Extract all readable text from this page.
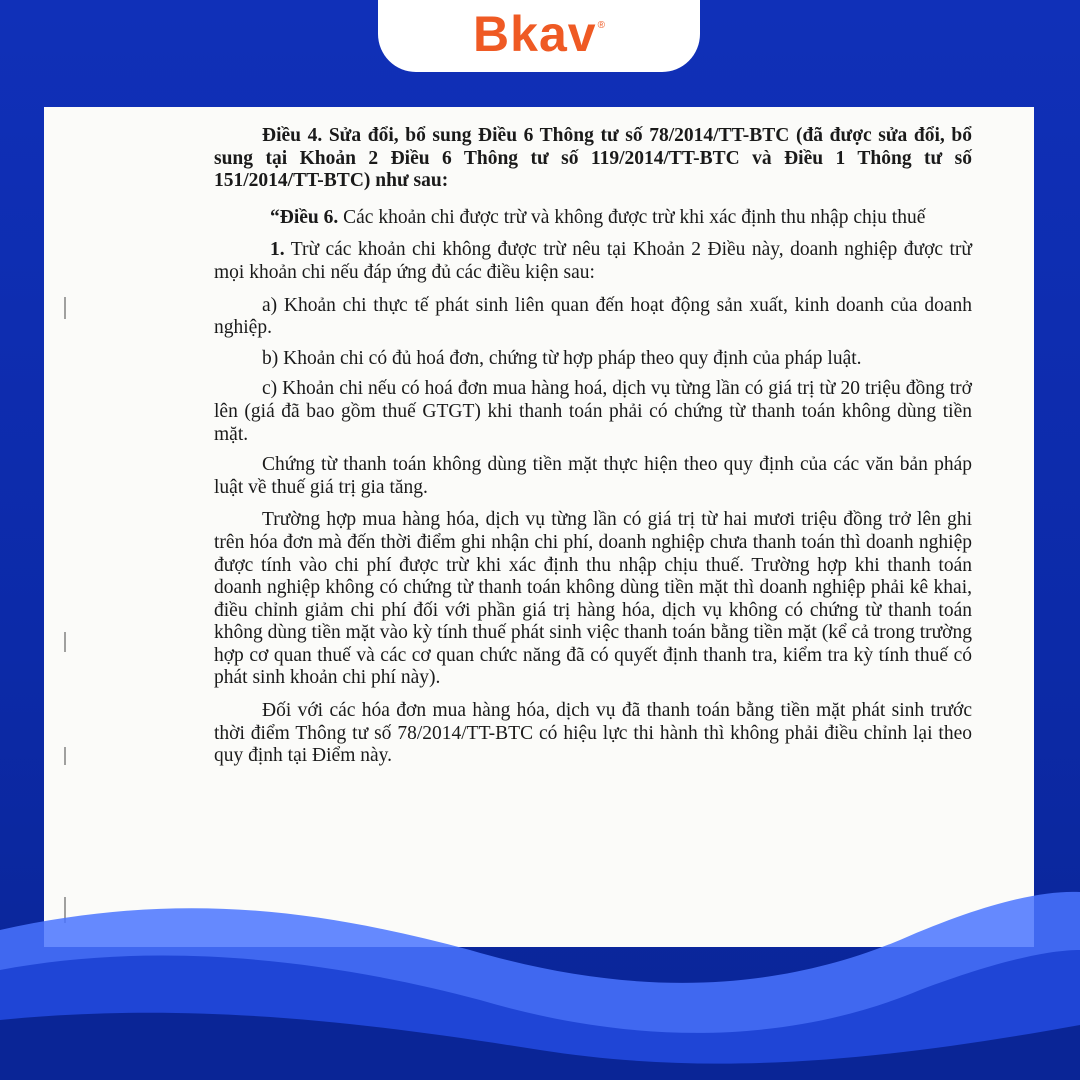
Bkav ®

Điều 4. Sửa đổi, bổ sung Điều 6 Thông tư số 78/2014/TT-BTC (đã được sửa đổi, bổ sung tại Khoản 2 Điều 6 Thông tư số 119/2014/TT-BTC và Điều 1 Thông tư số 151/2014/TT-BTC) như sau:

“Điều 6. Các khoản chi được trừ và không được trừ khi xác định thu nhập chịu thuế

1. Trừ các khoản chi không được trừ nêu tại Khoản 2 Điều này, doanh nghiệp được trừ mọi khoản chi nếu đáp ứng đủ các điều kiện sau:

a) Khoản chi thực tế phát sinh liên quan đến hoạt động sản xuất, kinh doanh của doanh nghiệp.

b) Khoản chi có đủ hoá đơn, chứng từ hợp pháp theo quy định của pháp luật.

c) Khoản chi nếu có hoá đơn mua hàng hoá, dịch vụ từng lần có giá trị từ 20 triệu đồng trở lên (giá đã bao gồm thuế GTGT) khi thanh toán phải có chứng từ thanh toán không dùng tiền mặt.

Chứng từ thanh toán không dùng tiền mặt thực hiện theo quy định của các văn bản pháp luật về thuế giá trị gia tăng.

Trường hợp mua hàng hóa, dịch vụ từng lần có giá trị từ hai mươi triệu đồng trở lên ghi trên hóa đơn mà đến thời điểm ghi nhận chi phí, doanh nghiệp chưa thanh toán thì doanh nghiệp được tính vào chi phí được trừ khi xác định thu nhập chịu thuế. Trường hợp khi thanh toán doanh nghiệp không có chứng từ thanh toán không dùng tiền mặt thì doanh nghiệp phải kê khai, điều chỉnh giảm chi phí đối với phần giá trị hàng hóa, dịch vụ không có chứng từ thanh toán không dùng tiền mặt vào kỳ tính thuế phát sinh việc thanh toán bằng tiền mặt (kể cả trong trường hợp cơ quan thuế và các cơ quan chức năng đã có quyết định thanh tra, kiểm tra kỳ tính thuế có phát sinh khoản chi phí này).

Đối với các hóa đơn mua hàng hóa, dịch vụ đã thanh toán bằng tiền mặt phát sinh trước thời điểm Thông tư số 78/2014/TT-BTC có hiệu lực thi hành thì không phải điều chỉnh lại theo quy định tại Điểm này.
